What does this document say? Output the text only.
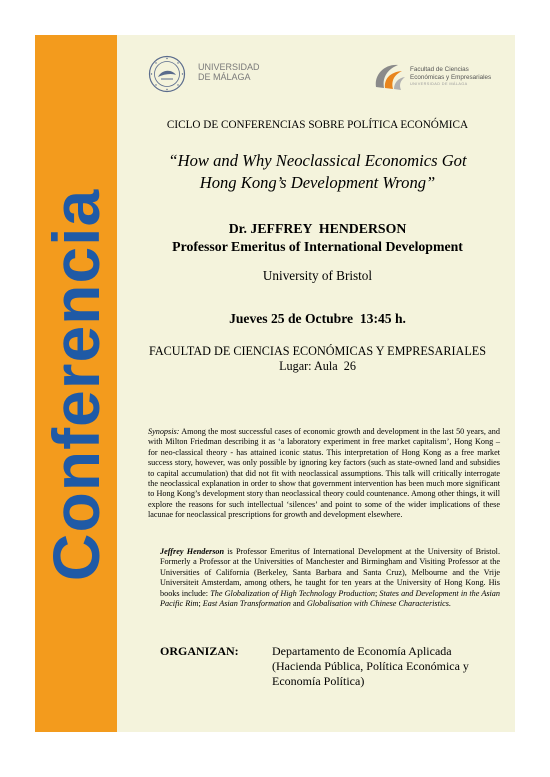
Conferencia
UNIVERSIDAD
DE MÁLAGA
Facultad de Ciencias
Económicas y Empresariales
UNIVERSIDAD DE MÁLAGA
CICLO DE CONFERENCIAS SOBRE POLÍTICA ECONÓMICA
“How and Why Neoclassical Economics Got
Hong Kong’s Development Wrong”
Dr. JEFFREY  HENDERSON
Professor Emeritus of International Development
University of Bristol
Jueves 25 de Octubre  13:45 h.
FACULTAD DE CIENCIAS ECONÓMICAS Y EMPRESARIALES
Lugar: Aula  26
Synopsis: Among the most successful cases of economic growth and development in the last 50 years, and with Milton Friedman describing it as ‘a laboratory experiment in free market capitalism’, Hong Kong – for neo-classical theory - has attained iconic status. This interpretation of Hong Kong as a free market success story, however, was only possible by ignoring key factors (such as state-owned land and subsidies to capital accumulation) that did not fit with neoclassical assumptions. This talk will critically interrogate the neoclassical explanation in order to show that government intervention has been much more significant to Hong Kong’s development story than neoclassical theory could countenance. Among other things, it will explore the reasons for such intellectual ‘silences’ and point to some of the wider implications of these lacunae for neoclassical prescriptions for growth and development elsewhere.
Jeffrey Henderson is Professor Emeritus of International Development at the University of Bristol. Formerly a Professor at the Universities of Manchester and Birmingham and Visiting Professor at the Universities of California (Berkeley, Santa Barbara and Santa Cruz), Melbourne and the Vrije Universiteit Amsterdam, among others, he taught for ten years at the University of Hong Kong. His books include: The Globalization of High Technology Production; States and Development in the Asian Pacific Rim; East Asian Transformation and Globalisation with Chinese Characteristics.
ORGANIZAN:	Departamento de Economía Aplicada
(Hacienda Pública, Política Económica y
Economía Política)
